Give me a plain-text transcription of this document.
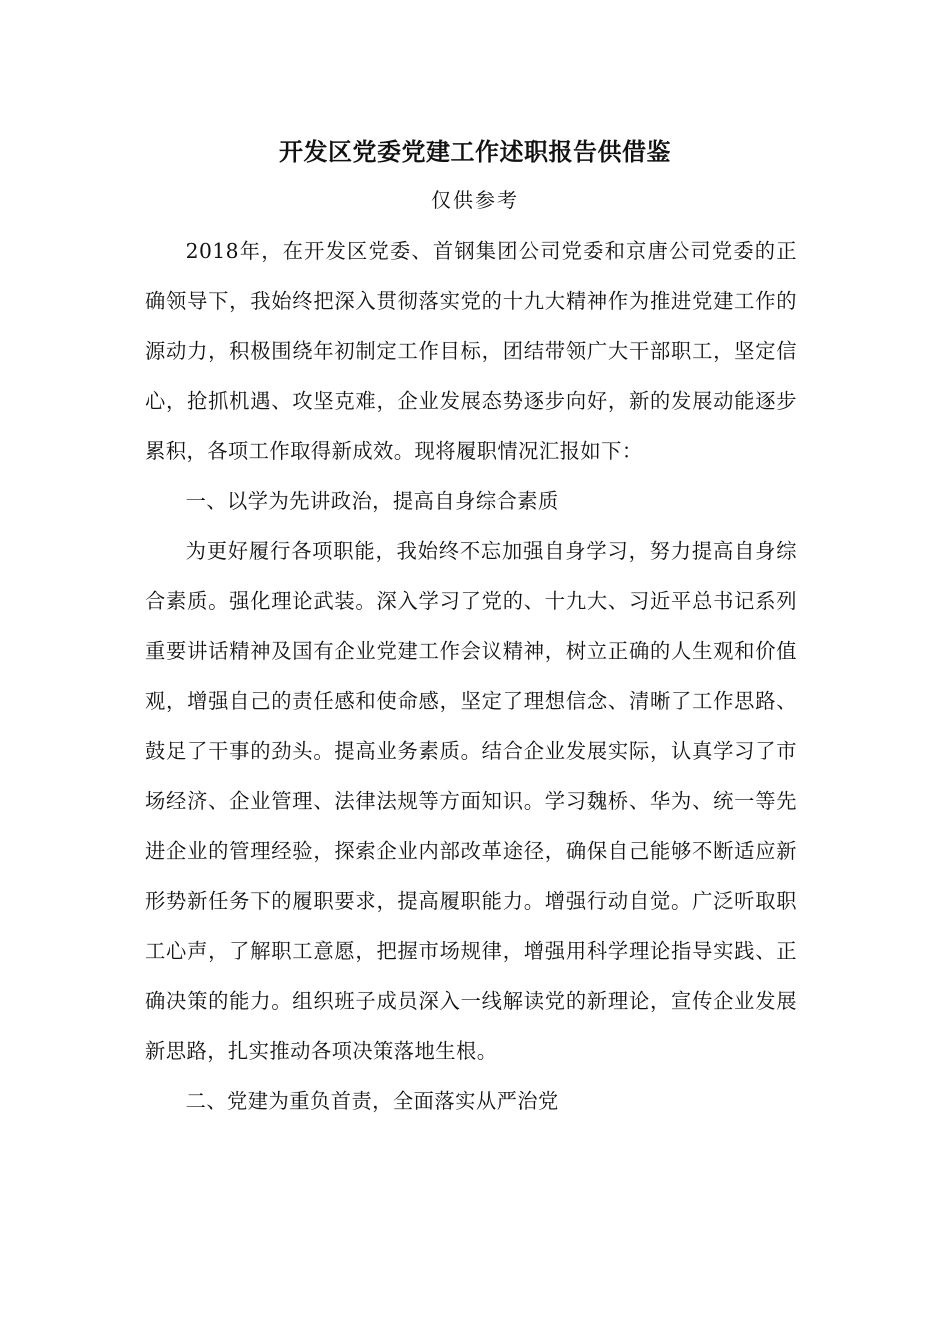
开发区党委党建工作述职报告供借鉴
仅供参考

2018年，在开发区党委、首钢集团公司党委和京唐公司党委的正确领导下，我始终把深入贯彻落实党的十九大精神作为推进党建工作的源动力，积极围绕年初制定工作目标，团结带领广大干部职工，坚定信心，抢抓机遇、攻坚克难，企业发展态势逐步向好，新的发展动能逐步累积，各项工作取得新成效。现将履职情况汇报如下：

一、以学为先讲政治，提高自身综合素质

为更好履行各项职能，我始终不忘加强自身学习，努力提高自身综合素质。强化理论武装。深入学习了党的、十九大、习近平总书记系列重要讲话精神及国有企业党建工作会议精神，树立正确的人生观和价值观，增强自己的责任感和使命感，坚定了理想信念、清晰了工作思路、鼓足了干事的劲头。提高业务素质。结合企业发展实际，认真学习了市场经济、企业管理、法律法规等方面知识。学习魏桥、华为、统一等先进企业的管理经验，探索企业内部改革途径，确保自己能够不断适应新形势新任务下的履职要求，提高履职能力。增强行动自觉。广泛听取职工心声，了解职工意愿，把握市场规律，增强用科学理论指导实践、正确决策的能力。组织班子成员深入一线解读党的新理论，宣传企业发展新思路，扎实推动各项决策落地生根。

二、党建为重负首责，全面落实从严治党
